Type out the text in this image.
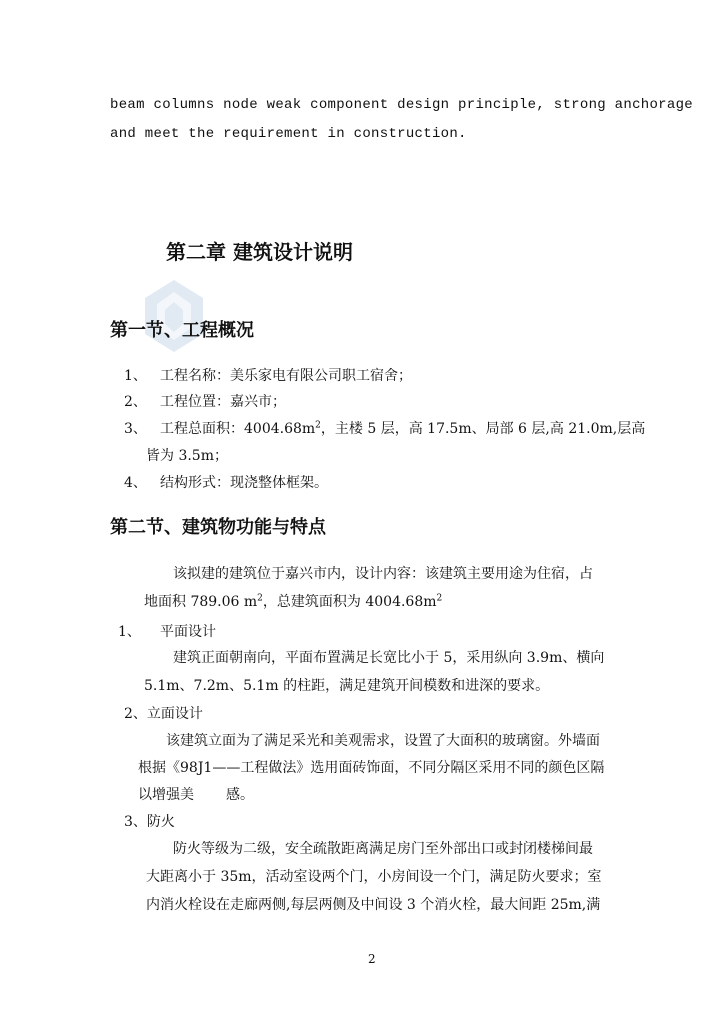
beam columns node weak component design principle, strong anchorage
and meet the requirement in construction.
第二章 建筑设计说明
第一节、工程概况
1、 工程名称：美乐家电有限公司职工宿舍；
2、 工程位置：嘉兴市；
3、 工程总面积：$4004.68m^2$，主楼 5 层，高 17.5m、局部 6 层,高 21.0m,层高
皆为 3.5m；
4、 结构形式：现浇整体框架。
第二节、建筑物功能与特点
该拟建的建筑位于嘉兴市内，设计内容：该建筑主要用途为住宿，占
地面积 789.06 $m^2$，总建筑面积为 $4004.68m^2$
1、 平面设计
建筑正面朝南向，平面布置满足长宽比小于 5，采用纵向 3.9m、横向
5.1m、7.2m、5.1m 的柱距，满足建筑开间模数和进深的要求。
2、立面设计
该建筑立面为了满足采光和美观需求，设置了大面积的玻璃窗。外墙面
根据《98J1——工程做法》选用面砖饰面，不同分隔区采用不同的颜色区隔
以增强美 感。
3、防火
防火等级为二级，安全疏散距离满足房门至外部出口或封闭楼梯间最
大距离小于 35m，活动室设两个门，小房间设一个门，满足防火要求；室
内消火栓设在走廊两侧,每层两侧及中间设 3 个消火栓，最大间距 25m,满
2
